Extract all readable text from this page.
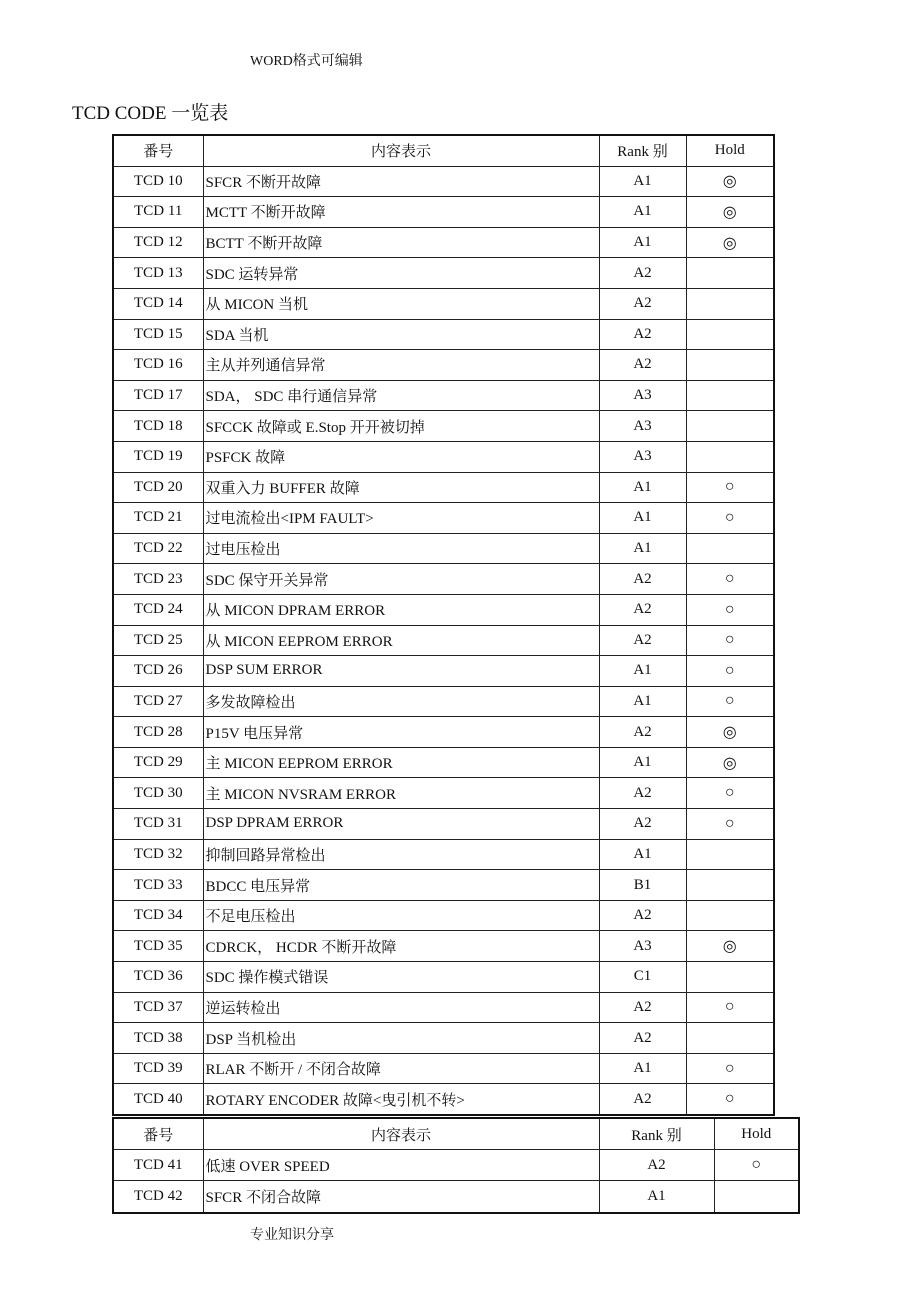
WORD格式可编辑
TCD CODE 一览表
番号	内容表示	Rank 别	Hold
TCD 10	SFCR 不断开故障	A1	◎
TCD 11	MCTT 不断开故障	A1	◎
TCD 12	BCTT 不断开故障	A1	◎
TCD 13	SDC 运转异常	A2	
TCD 14	从 MICON 当机	A2	
TCD 15	SDA 当机	A2	
TCD 16	主从并列通信异常	A2	
TCD 17	SDA， SDC 串行通信异常	A3	
TCD 18	SFCCK 故障或 E.Stop 开开被切掉	A3	
TCD 19	PSFCK 故障	A3	
TCD 20	双重入力 BUFFER 故障	A1	○
TCD 21	过电流检出<IPM FAULT>	A1	○
TCD 22	过电压检出	A1	
TCD 23	SDC 保守开关异常	A2	○
TCD 24	从 MICON DPRAM ERROR	A2	○
TCD 25	从 MICON EEPROM ERROR	A2	○
TCD 26	DSP SUM ERROR	A1	○
TCD 27	多发故障检出	A1	○
TCD 28	P15V 电压异常	A2	◎
TCD 29	主 MICON EEPROM ERROR	A1	◎
TCD 30	主 MICON NVSRAM ERROR	A2	○
TCD 31	DSP DPRAM ERROR	A2	○
TCD 32	抑制回路异常检出	A1	
TCD 33	BDCC 电压异常	B1	
TCD 34	不足电压检出	A2	
TCD 35	CDRCK， HCDR 不断开故障	A3	◎
TCD 36	SDC 操作模式错误	C1	
TCD 37	逆运转检出	A2	○
TCD 38	DSP 当机检出	A2	
TCD 39	RLAR 不断开 / 不闭合故障	A1	○
TCD 40	ROTARY ENCODER 故障<曳引机不转>	A2	○
番号	内容表示	Rank 别	Hold
TCD 41	低速 OVER SPEED	A2	○
TCD 42	SFCR 不闭合故障	A1	
专业知识分享
